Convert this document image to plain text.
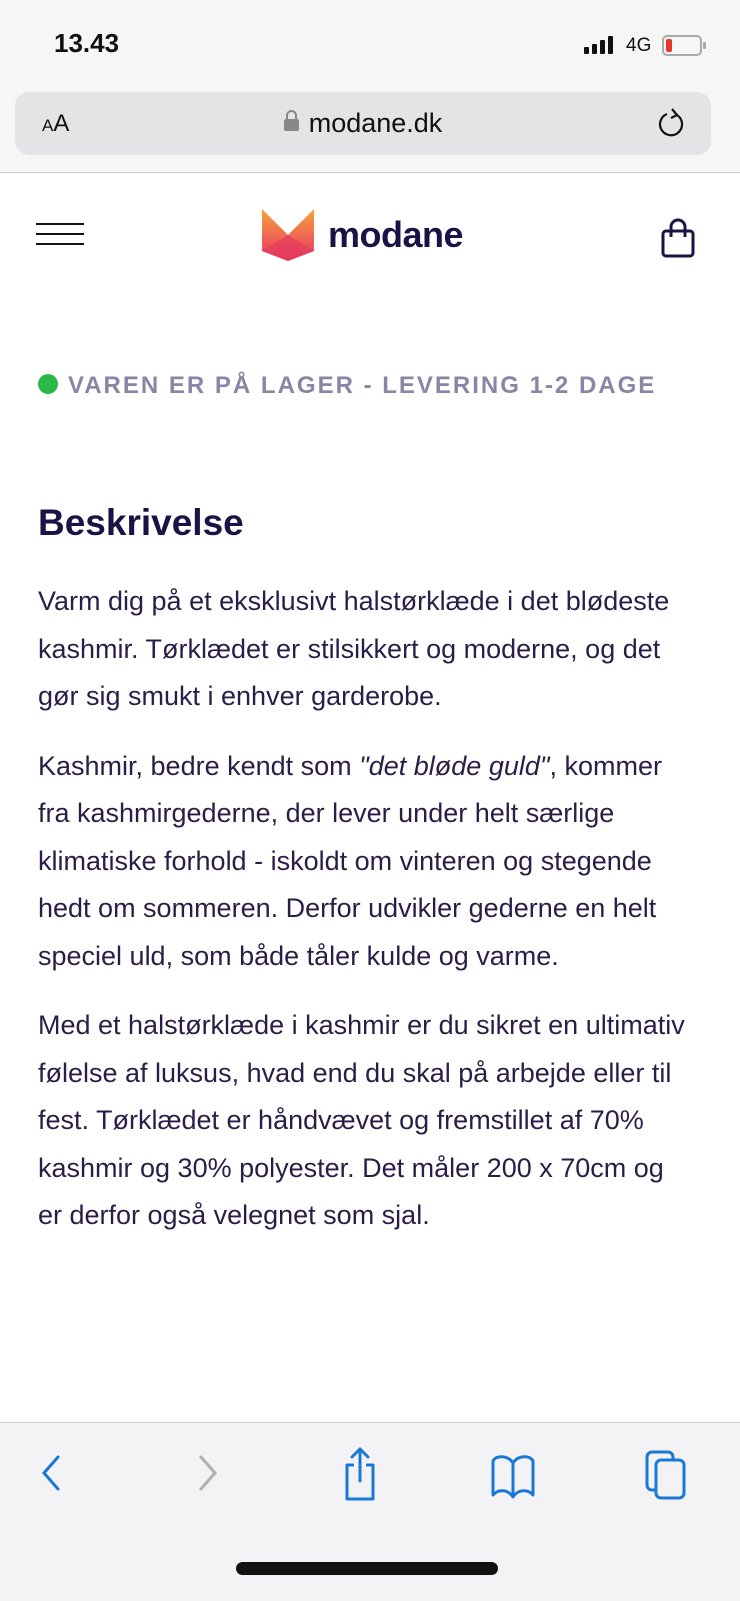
13.43	4G
AA	modane.dk
modane
VAREN ER PÅ LAGER - LEVERING 1-2 DAGE
Beskrivelse

Varm dig på et eksklusivt halstørklæde i det blødeste kashmir. Tørklædet er stilsikkert og moderne, og det gør sig smukt i enhver garderobe.

Kashmir, bedre kendt som "det bløde guld", kommer fra kashmirgederne, der lever under helt særlige klimatiske forhold - iskoldt om vinteren og stegende hedt om sommeren. Derfor udvikler gederne en helt speciel uld, som både tåler kulde og varme.

Med et halstørklæde i kashmir er du sikret en ultimativ følelse af luksus, hvad end du skal på arbejde eller til fest. Tørklædet er håndvævet og fremstillet af 70% kashmir og 30% polyester. Det måler 200 x 70cm og er derfor også velegnet som sjal.
